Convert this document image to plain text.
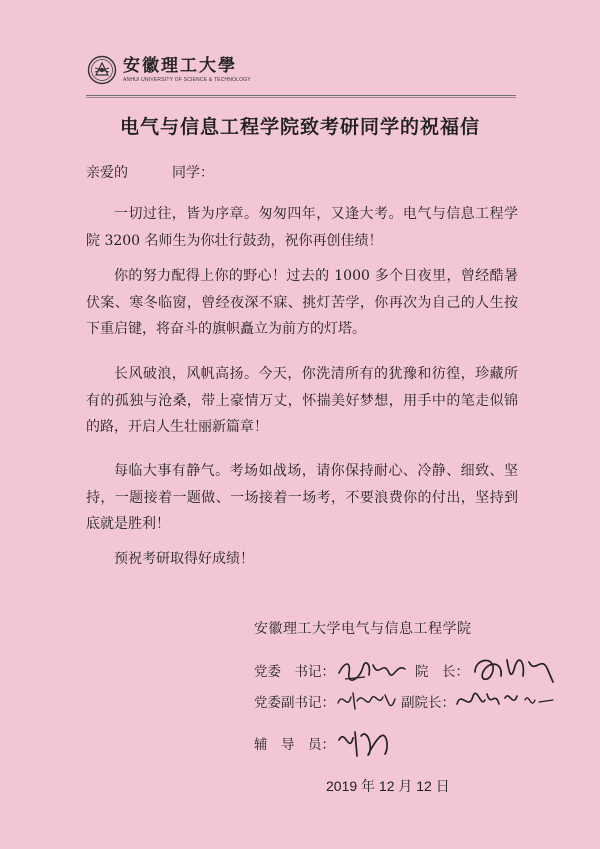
安徽理工大學
ANHUI UNIVERSITY OF SCIENCE & TECHNOLOGY
电气与信息工程学院致考研同学的祝福信
亲爱的	同学：

一切过往，皆为序章。匆匆四年，又逢大考。电气与信息工程学院 3200 名师生为你壮行鼓劲，祝你再创佳绩！

你的努力配得上你的野心！过去的 1000 多个日夜里，曾经酷暑伏案、寒冬临窗，曾经夜深不寐、挑灯苦学，你再次为自己的人生按下重启键，将奋斗的旗帜矗立为前方的灯塔。

长风破浪，风帆高扬。今天，你洗清所有的犹豫和彷徨，珍藏所有的孤独与沧桑，带上豪情万丈，怀揣美好梦想，用手中的笔走似锦的路，开启人生壮丽新篇章！

每临大事有静气。考场如战场，请你保持耐心、冷静、细致、坚持，一题接着一题做、一场接着一场考，不要浪费你的付出，坚持到底就是胜利！

预祝考研取得好成绩！

安徽理工大学电气与信息工程学院
党委　书记：	院　长：
党委副书记：	副院长：
辅　导　员：
2019 年 12 月 12 日
